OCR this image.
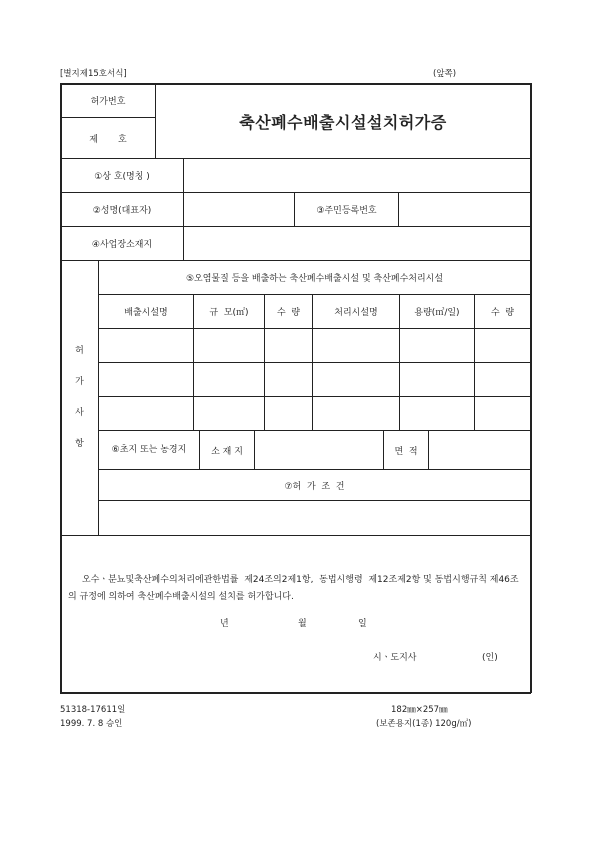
[별지제15호서식]	(앞쪽)
허가번호
제       호
축산폐수배출시설설치허가증
①상 호(명칭 )
②성명(대표자)	③주민등록번호
④사업장소재지
허 가 사 항
⑤오염물질 등을 배출하는 축산폐수배출시설 및 축산폐수처리시설
배출시설명	규  모(㎡)	수  량	처리시설명	용량(㎥/일)	수  량
⑥초지 또는 농경지	소 재 지	면  적
⑦허  가  조  건
오수ㆍ분뇨및축산폐수의처리에관한법률  제24조의2제1항,  동법시행령  제12조제2항 및 동법시행규칙 제46조의 규정에 의하여 축산폐수배출시설의 설치를 허가합니다.
년	월	일
시ㆍ도지사	(인)
51318-17611일
1999. 7. 8 승인
182㎜×257㎜
(보존용지(1종) 120g/㎡)
